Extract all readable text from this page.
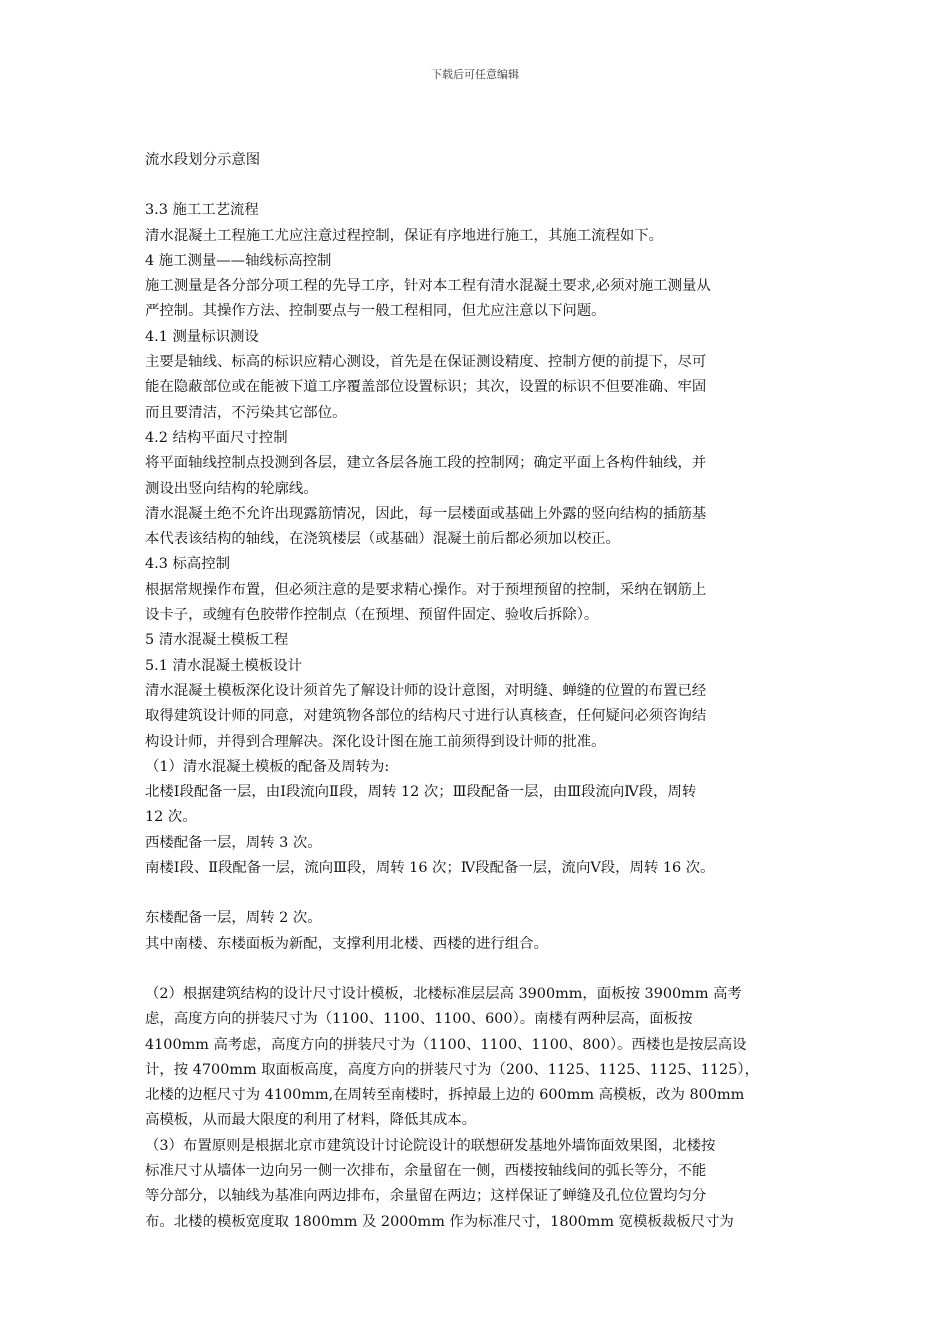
下载后可任意编辑

流水段划分示意图

3.3 施工工艺流程

清水混凝土工程施工尤应注意过程控制，保证有序地进行施工，其施工流程如下。

4 施工测量——轴线标高控制

施工测量是各分部分项工程的先导工序，针对本工程有清水混凝土要求,必须对施工测量从

严控制。其操作方法、控制要点与一般工程相同，但尤应注意以下问题。

4.1 测量标识测设

主要是轴线、标高的标识应精心测设，首先是在保证测设精度、控制方便的前提下，尽可

能在隐蔽部位或在能被下道工序覆盖部位设置标识；其次，设置的标识不但要准确、牢固

而且要清洁，不污染其它部位。

4.2 结构平面尺寸控制

将平面轴线控制点投测到各层，建立各层各施工段的控制网；确定平面上各构件轴线，并

测设出竖向结构的轮廓线。

清水混凝土绝不允许出现露筋情况，因此，每一层楼面或基础上外露的竖向结构的插筋基

本代表该结构的轴线，在浇筑楼层（或基础）混凝土前后都必须加以校正。

4.3 标高控制

根据常规操作布置，但必须注意的是要求精心操作。对于预埋预留的控制，采纳在钢筋上

设卡子，或缠有色胶带作控制点（在预埋、预留件固定、验收后拆除）。

5 清水混凝土模板工程

5.1 清水混凝土模板设计

清水混凝土模板深化设计须首先了解设计师的设计意图，对明缝、蝉缝的位置的布置已经

取得建筑设计师的同意，对建筑物各部位的结构尺寸进行认真核查，任何疑问必须咨询结

构设计师，并得到合理解决。深化设计图在施工前须得到设计师的批准。

（1）清水混凝土模板的配备及周转为:

北楼Ⅰ段配备一层，由Ⅰ段流向Ⅱ段，周转 12 次；Ⅲ段配备一层，由Ⅲ段流向Ⅳ段，周转

12 次。

西楼配备一层，周转 3 次。

南楼Ⅰ段、Ⅱ段配备一层，流向Ⅲ段，周转 16 次；Ⅳ段配备一层，流向Ⅴ段，周转 16 次。

东楼配备一层，周转 2 次。

其中南楼、东楼面板为新配，支撑利用北楼、西楼的进行组合。

（2）根据建筑结构的设计尺寸设计模板，北楼标准层层高 3900mm，面板按 3900mm 高考

虑，高度方向的拼装尺寸为（1100、1100、1100、600）。南楼有两种层高，面板按

4100mm 高考虑，高度方向的拼装尺寸为（1100、1100、1100、800）。西楼也是按层高设

计，按 4700mm 取面板高度，高度方向的拼装尺寸为（200、1125、1125、1125、1125），

北楼的边框尺寸为 4100mm,在周转至南楼时，拆掉最上边的 600mm 高模板，改为 800mm

高模板，从而最大限度的利用了材料，降低其成本。

（3）布置原则是根据北京市建筑设计讨论院设计的联想研发基地外墙饰面效果图，北楼按

标准尺寸从墙体一边向另一侧一次排布，余量留在一侧，西楼按轴线间的弧长等分，不能

等分部分，以轴线为基准向两边排布，余量留在两边；这样保证了蝉缝及孔位位置均匀分

布。北楼的模板宽度取 1800mm 及 2000mm 作为标准尺寸，1800mm 宽模板裁板尺寸为
